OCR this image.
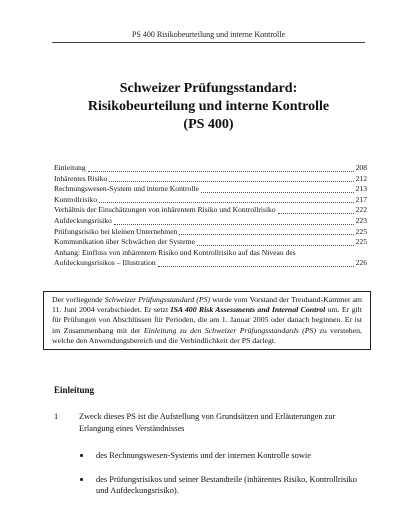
PS 400 Risikobeurteilung und interne Kontrolle
Schweizer Prüfungsstandard:
Risikobeurteilung und interne Kontrolle
(PS 400)
Einleitung	208
Inhärentes Risiko	212
Rechnungswesen-System und interne Kontrolle	213
Kontrollrisiko	217
Verhältnis der Einschätzungen von inhärentem Risiko und Kontrollrisiko	222
Aufdeckungsrisiko	223
Prüfungsrisiko bei kleinen Unternehmen	225
Kommunikation über Schwächen der Systeme	225
Anhang: Einfluss von inhärentem Risiko und Kontrollrisiko auf das Niveau des
Aufdeckungsrisikos – Illustration	226
Der vorliegende Schweizer Prüfungsstandard (PS) wurde vom Vorstand der Treuhand-Kammer am 11. Juni 2004 verabschiedet. Er setzt ISA 400 Risk Assessments and Internal Control um. Er gilt für Prüfungen von Abschlüssen für Perioden, die am 1. Januar 2005 oder danach beginnen. Er ist im Zusammenhang mit der Einleitung zu den Schweizer Prüfungsstandards (PS) zu verstehen, welche den Anwendungsbereich und die Verbindlichkeit der PS darlegt.
Einleitung
1 Zweck dieses PS ist die Aufstellung von Grundsätzen und Erläuterungen zur Erlangung eines Verständnisses
des Rechnungswesen-Systems und der internen Kontrolle sowie
des Prüfungsrisikos und seiner Bestandteile (inhärentes Risiko, Kontrollrisiko und Aufdeckungsrisiko).
